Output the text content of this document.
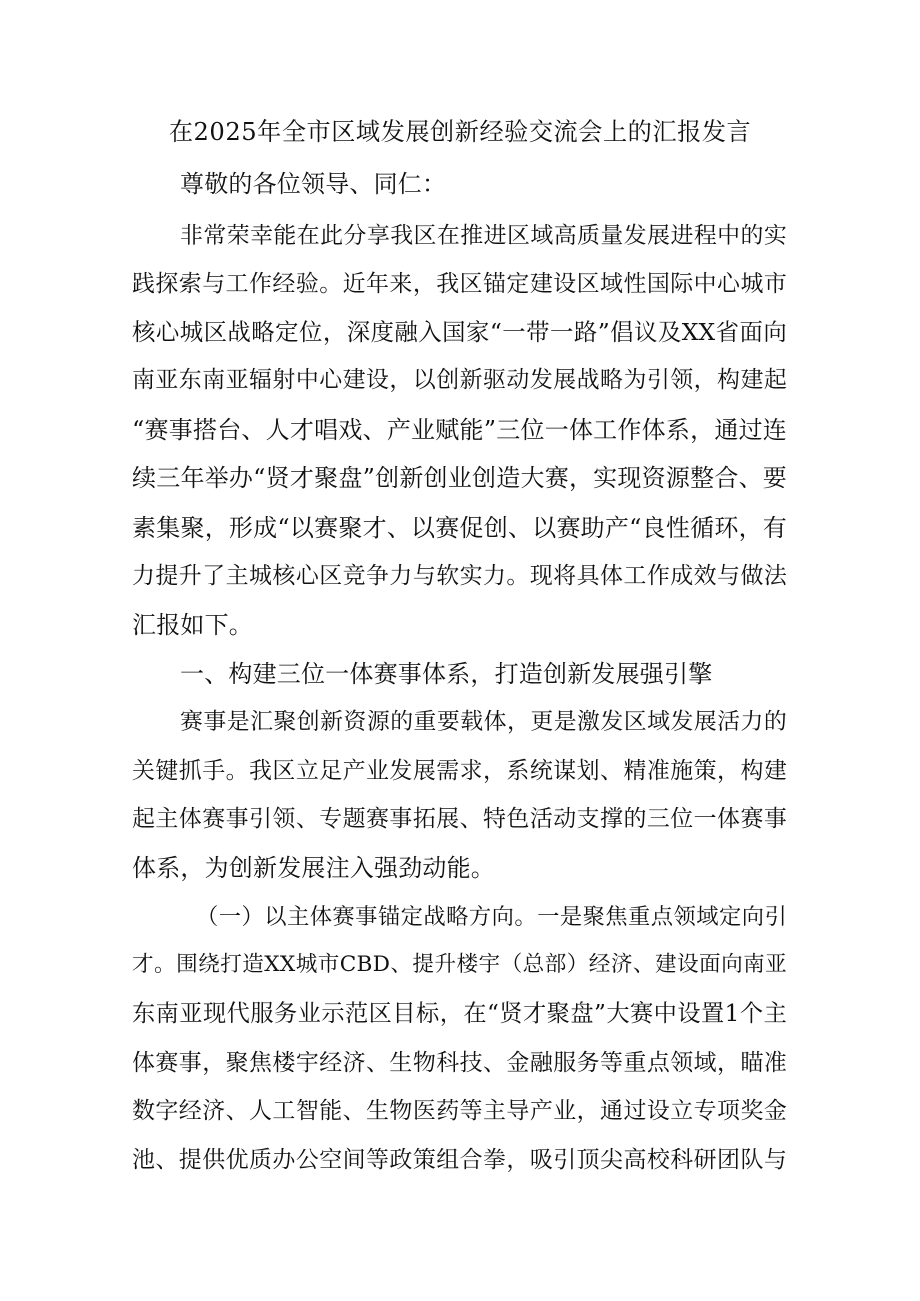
在2025年全市区域发展创新经验交流会上的汇报发言
尊敬的各位领导、同仁：
非常荣幸能在此分享我区在推进区域高质量发展进程中的实
践探索与工作经验。近年来，我区锚定建设区域性国际中心城市
核心城区战略定位，深度融入国家“一带一路”倡议及XX省面向
南亚东南亚辐射中心建设，以创新驱动发展战略为引领，构建起
“赛事搭台、人才唱戏、产业赋能”三位一体工作体系，通过连
续三年举办“贤才聚盘”创新创业创造大赛，实现资源整合、要
素集聚，形成“以赛聚才、以赛促创、以赛助产“良性循环，有
力提升了主城核心区竞争力与软实力。现将具体工作成效与做法
汇报如下。
一、构建三位一体赛事体系，打造创新发展强引擎
赛事是汇聚创新资源的重要载体，更是激发区域发展活力的
关键抓手。我区立足产业发展需求，系统谋划、精准施策，构建
起主体赛事引领、专题赛事拓展、特色活动支撑的三位一体赛事
体系，为创新发展注入强劲动能。
（一）以主体赛事锚定战略方向。一是聚焦重点领域定向引
才。围绕打造XX城市CBD、提升楼宇（总部）经济、建设面向南亚
东南亚现代服务业示范区目标，在“贤才聚盘”大赛中设置1个主
体赛事，聚焦楼宇经济、生物科技、金融服务等重点领域，瞄准
数字经济、人工智能、生物医药等主导产业，通过设立专项奖金
池、提供优质办公空间等政策组合拳，吸引顶尖高校科研团队与
